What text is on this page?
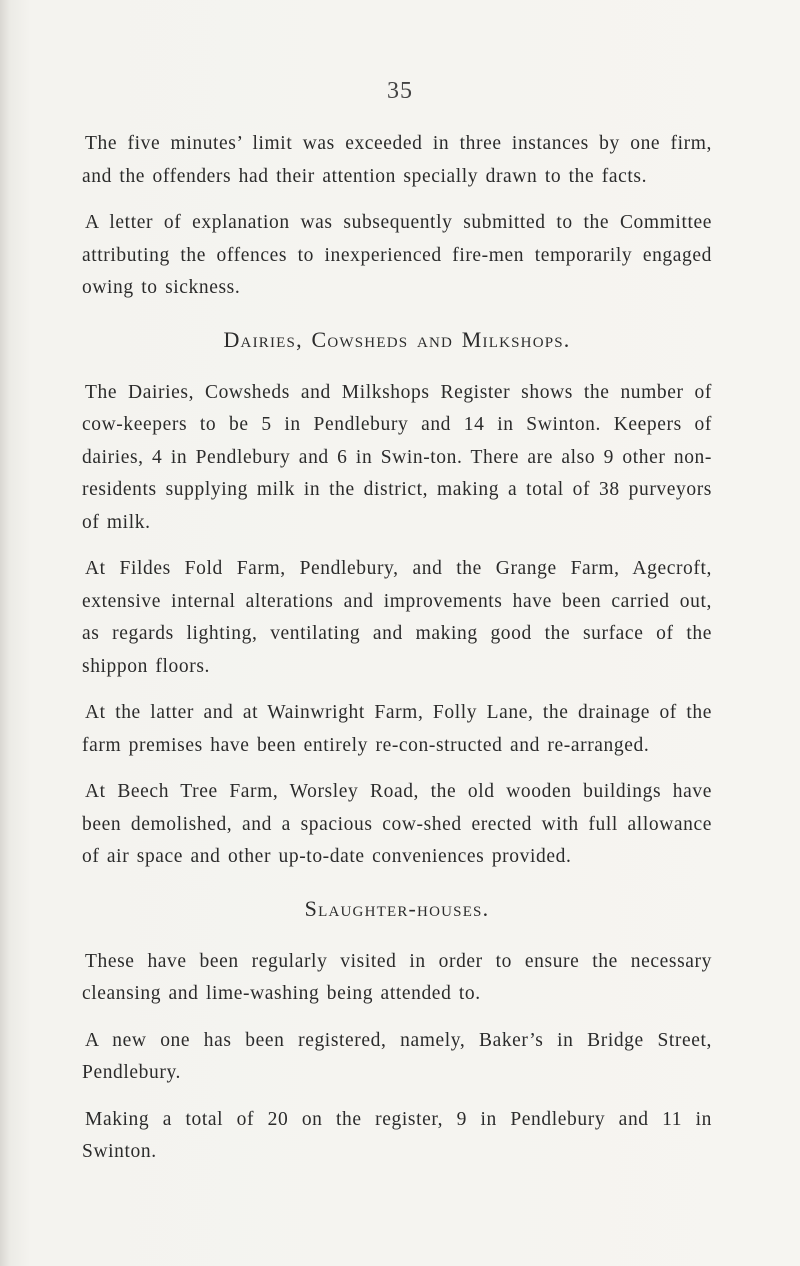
35

The five minutes’ limit was exceeded in three instances by one firm, and the offenders had their attention specially drawn to the facts.

A letter of explanation was subsequently submitted to the Committee attributing the offences to inexperienced fire-men temporarily engaged owing to sickness.

Dairies, Cowsheds and Milkshops.

The Dairies, Cowsheds and Milkshops Register shows the number of cow-keepers to be 5 in Pendlebury and 14 in Swinton. Keepers of dairies, 4 in Pendlebury and 6 in Swin-ton. There are also 9 other non-residents supplying milk in the district, making a total of 38 purveyors of milk.

At Fildes Fold Farm, Pendlebury, and the Grange Farm, Agecroft, extensive internal alterations and improvements have been carried out, as regards lighting, ventilating and making good the surface of the shippon floors.

At the latter and at Wainwright Farm, Folly Lane, the drainage of the farm premises have been entirely re-con-structed and re-arranged.

At Beech Tree Farm, Worsley Road, the old wooden buildings have been demolished, and a spacious cow-shed erected with full allowance of air space and other up-to-date conveniences provided.

Slaughter-houses.

These have been regularly visited in order to ensure the necessary cleansing and lime-washing being attended to.

A new one has been registered, namely, Baker’s in Bridge Street, Pendlebury.

Making a total of 20 on the register, 9 in Pendlebury and 11 in Swinton.
